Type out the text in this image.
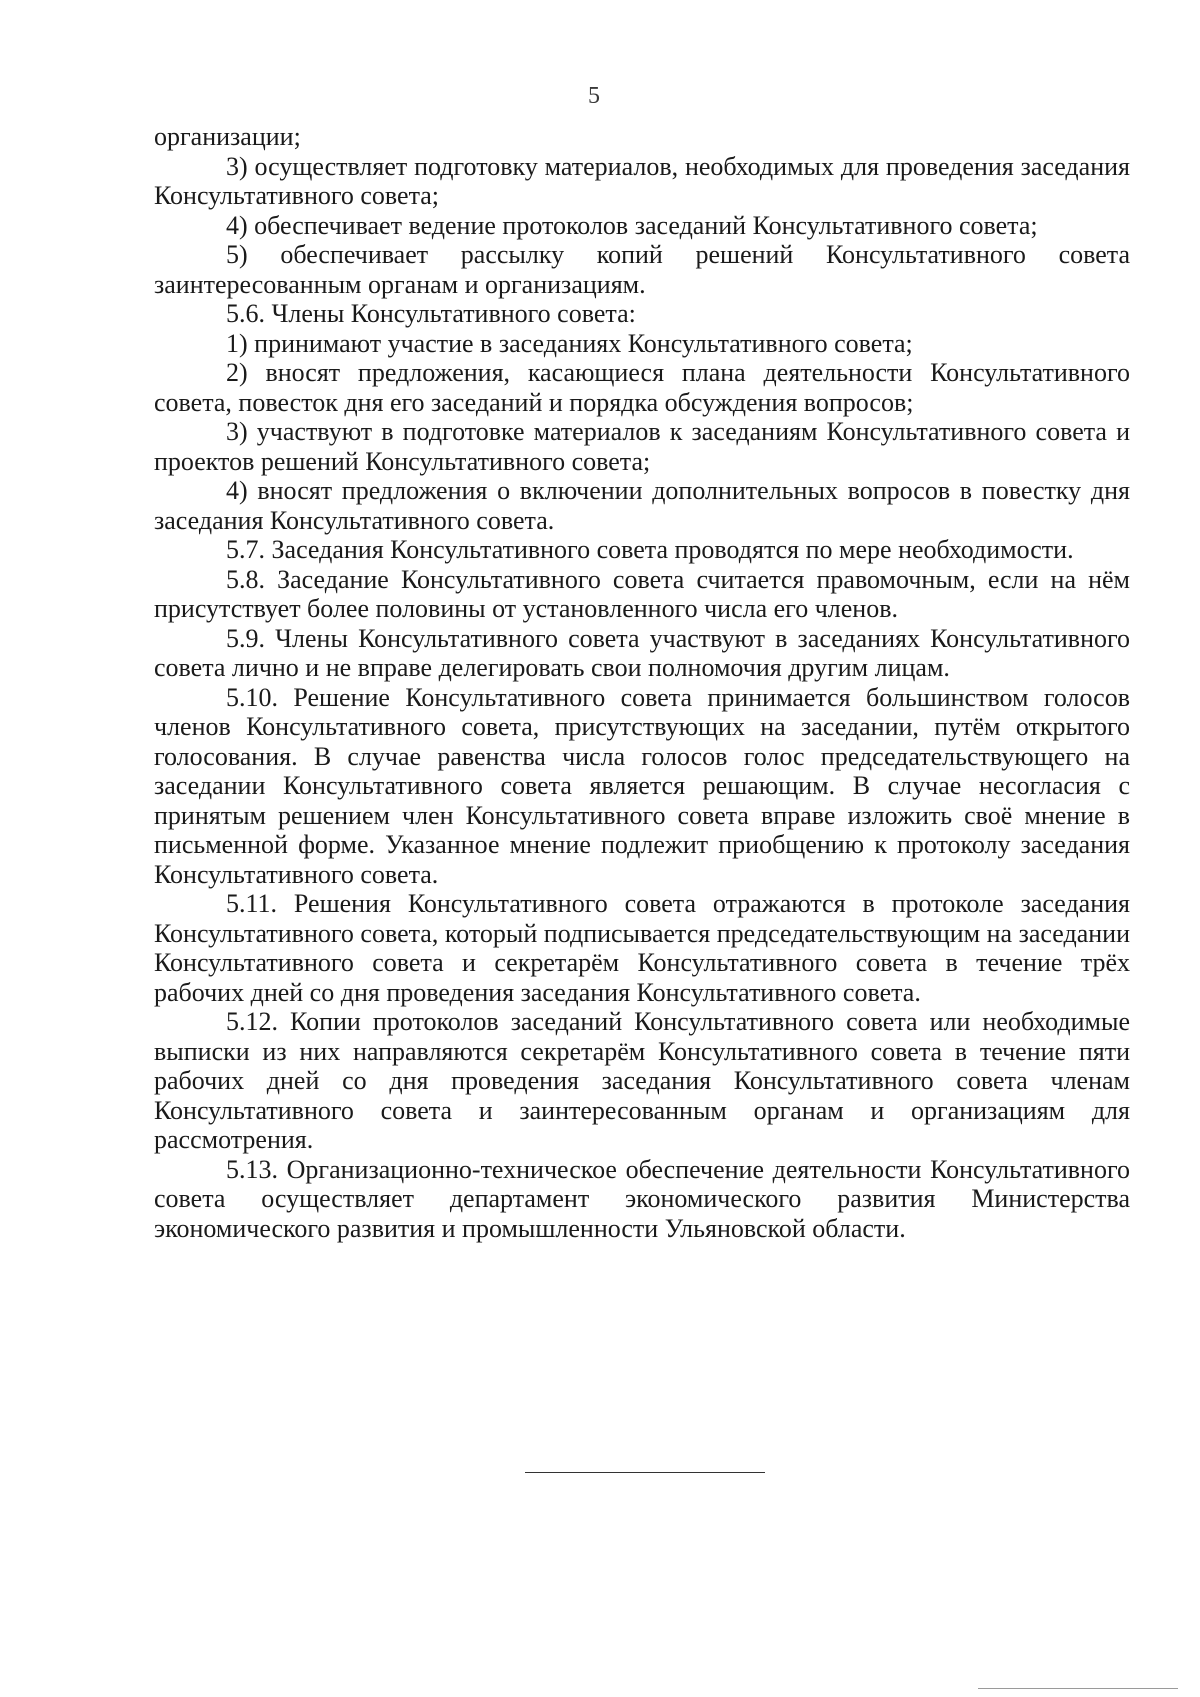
5

организации;

3) осуществляет подготовку материалов, необходимых для проведения заседания Консультативного совета;

4) обеспечивает ведение протоколов заседаний Консультативного совета;

5) обеспечивает рассылку копий решений Консультативного совета заинтересованным органам и организациям.

5.6. Члены Консультативного совета:

1) принимают участие в заседаниях Консультативного совета;

2) вносят предложения, касающиеся плана деятельности Консультативного совета, повесток дня его заседаний и порядка обсуждения вопросов;

3) участвуют в подготовке материалов к заседаниям Консультативного совета и проектов решений Консультативного совета;

4) вносят предложения о включении дополнительных вопросов в повестку дня заседания Консультативного совета.

5.7. Заседания Консультативного совета проводятся по мере необходимости.

5.8. Заседание Консультативного совета считается правомочным, если на нём присутствует более половины от установленного числа его членов.

5.9. Члены Консультативного совета участвуют в заседаниях Консультативного совета лично и не вправе делегировать свои полномочия другим лицам.

5.10. Решение Консультативного совета принимается большинством голосов членов Консультативного совета, присутствующих на заседании, путём открытого голосования. В случае равенства числа голосов голос председательствующего на заседании Консультативного совета является решающим. В случае несогласия с принятым решением член Консультативного совета вправе изложить своё мнение в письменной форме. Указанное мнение подлежит приобщению к протоколу заседания Консультативного совета.

5.11. Решения Консультативного совета отражаются в протоколе заседания Консультативного совета, который подписывается председательствующим на заседании Консультативного совета и секретарём Консультативного совета в течение трёх рабочих дней со дня проведения заседания Консультативного совета.

5.12. Копии протоколов заседаний Консультативного совета или необходимые выписки из них направляются секретарём Консультативного совета в течение пяти рабочих дней со дня проведения заседания Консультативного совета членам Консультативного совета и заинтересованным органам и организациям для рассмотрения.

5.13. Организационно-техническое обеспечение деятельности Консультативного совета осуществляет департамент экономического развития Министерства экономического развития и промышленности Ульяновской области.
